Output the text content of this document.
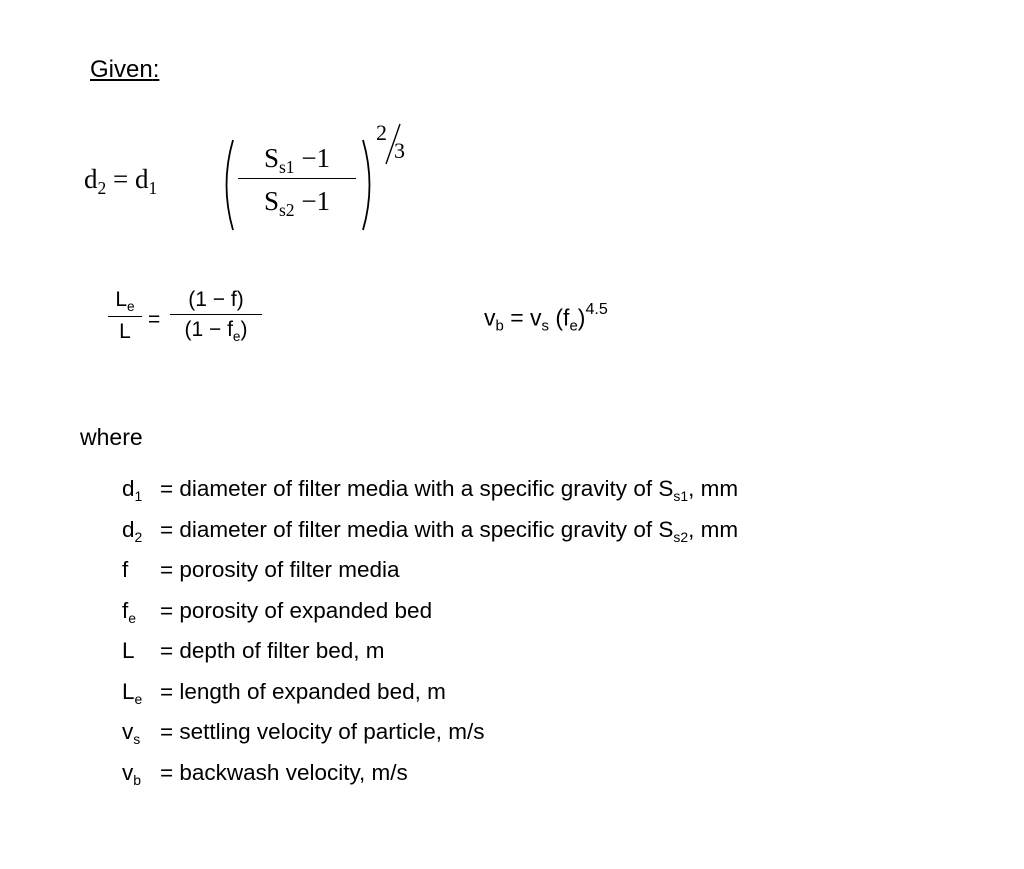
Given:
$d_2 = d_1$
$S_{s1} -1$
$S_{s2} -1$
2
3
$L_e$
L
=
(1 − f)
$(1 - f_e)$	$v_b = v_s$ $(f_e)^{4.5}$
where
$d_1$ = diameter of filter media with a specific gravity of $S_{s1}$, mm
$d_2$ = diameter of filter media with a specific gravity of $S_{s2}$, mm
f = porosity of filter media
$f_e$ = porosity of expanded bed
L = depth of filter bed, m
$L_e$ = length of expanded bed, m
$v_s$ = settling velocity of particle, m/s
$v_b$ = backwash velocity, m/s
